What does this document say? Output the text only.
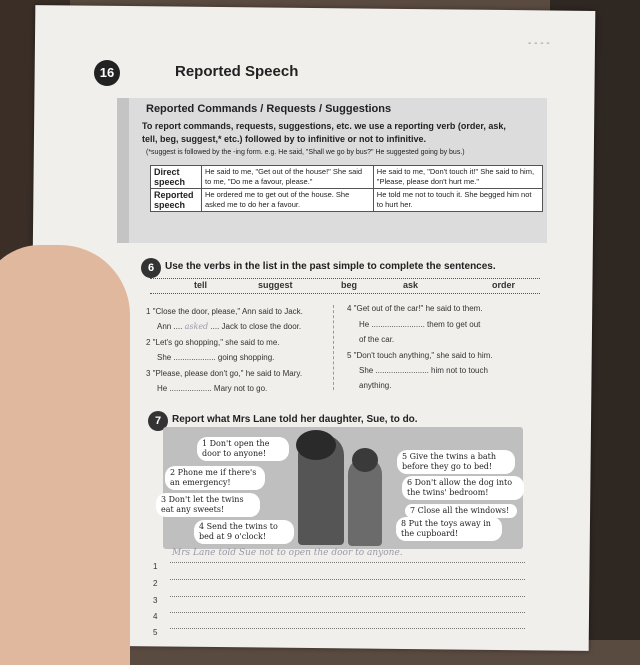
- - - -
16	Reported Speech
Reported Commands / Requests / Suggestions
To report commands, requests, suggestions, etc. we use a reporting verb (order, ask,
tell, beg, suggest,* etc.) followed by to infinitive or not to infinitive.
(*suggest is followed by the -ing form. e.g. He said, "Shall we go by bus?" He suggested going by bus.)
Direct speech	He said to me, "Get out of the house!" She said to me, "Do me a favour, please."	He said to me, "Don't touch it!" She said to him, "Please, please don't hurt me."
Reported speech	He ordered me to get out of the house. She asked me to do her a favour.	He told me not to touch it. She begged him not to hurt her.
6	Use the verbs in the list in the past simple to complete the sentences.
tell	suggest	beg	ask	order
1 "Close the door, please," Ann said to Jack.
Ann .... asked .... Jack to close the door.
2 "Let's go shopping," she said to me.
She ................... going shopping.
3 "Please, please don't go," he said to Mary.
He ................... Mary not to go.
4 "Get out of the car!" he said to them.
He ........................ them to get out
of the car.
5 "Don't touch anything," she said to him.
She ........................ him not to touch
anything.
7	Report what Mrs Lane told her daughter, Sue, to do.
1 Don't open the door to anyone!
2 Phone me if there's an emergency!
3 Don't let the twins eat any sweets!
4 Send the twins to bed at 9 o'clock!
5 Give the twins a bath before they go to bed!
6 Don't allow the dog into the twins' bedroom!
7 Close all the windows!
8 Put the toys away in the cupboard!
Mrs Lane told Sue not to open the door to anyone.
1
2
3
4
5
